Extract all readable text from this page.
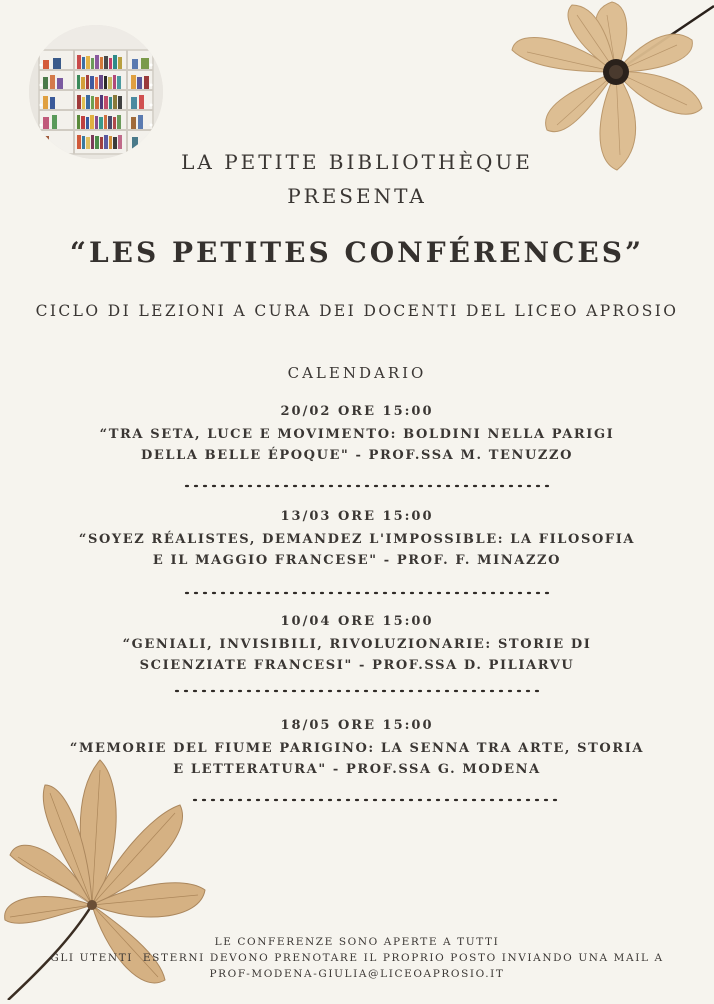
LA PETITE BIBLIOTHÈQUE
PRESENTA
“LES PETITES CONFÉRENCES”
CICLO DI LEZIONI A CURA DEI DOCENTI DEL LICEO APROSIO
CALENDARIO
20/02 ORE 15:00
“TRA SETA, LUCE E MOVIMENTO: BOLDINI NELLA PARIGI
DELLA BELLE ÉPOQUE" - PROF.SSA M. TENUZZO
13/03 ORE 15:00
“SOYEZ RÉALISTES, DEMANDEZ L'IMPOSSIBLE: LA FILOSOFIA
E IL MAGGIO FRANCESE" - PROF. F. MINAZZO
10/04 ORE 15:00
“GENIALI, INVISIBILI, RIVOLUZIONARIE: STORIE DI
SCIENZIATE FRANCESI" - PROF.SSA D. PILIARVU
18/05 ORE 15:00
“MEMORIE DEL FIUME PARIGINO: LA SENNA TRA ARTE, STORIA
E LETTERATURA" - PROF.SSA G. MODENA
LE CONFERENZE SONO APERTE A TUTTI
GLI UTENTI  ESTERNI DEVONO PRENOTARE IL PROPRIO POSTO INVIANDO UNA MAIL A
PROF-MODENA-GIULIA@LICEOAPROSIO.IT
